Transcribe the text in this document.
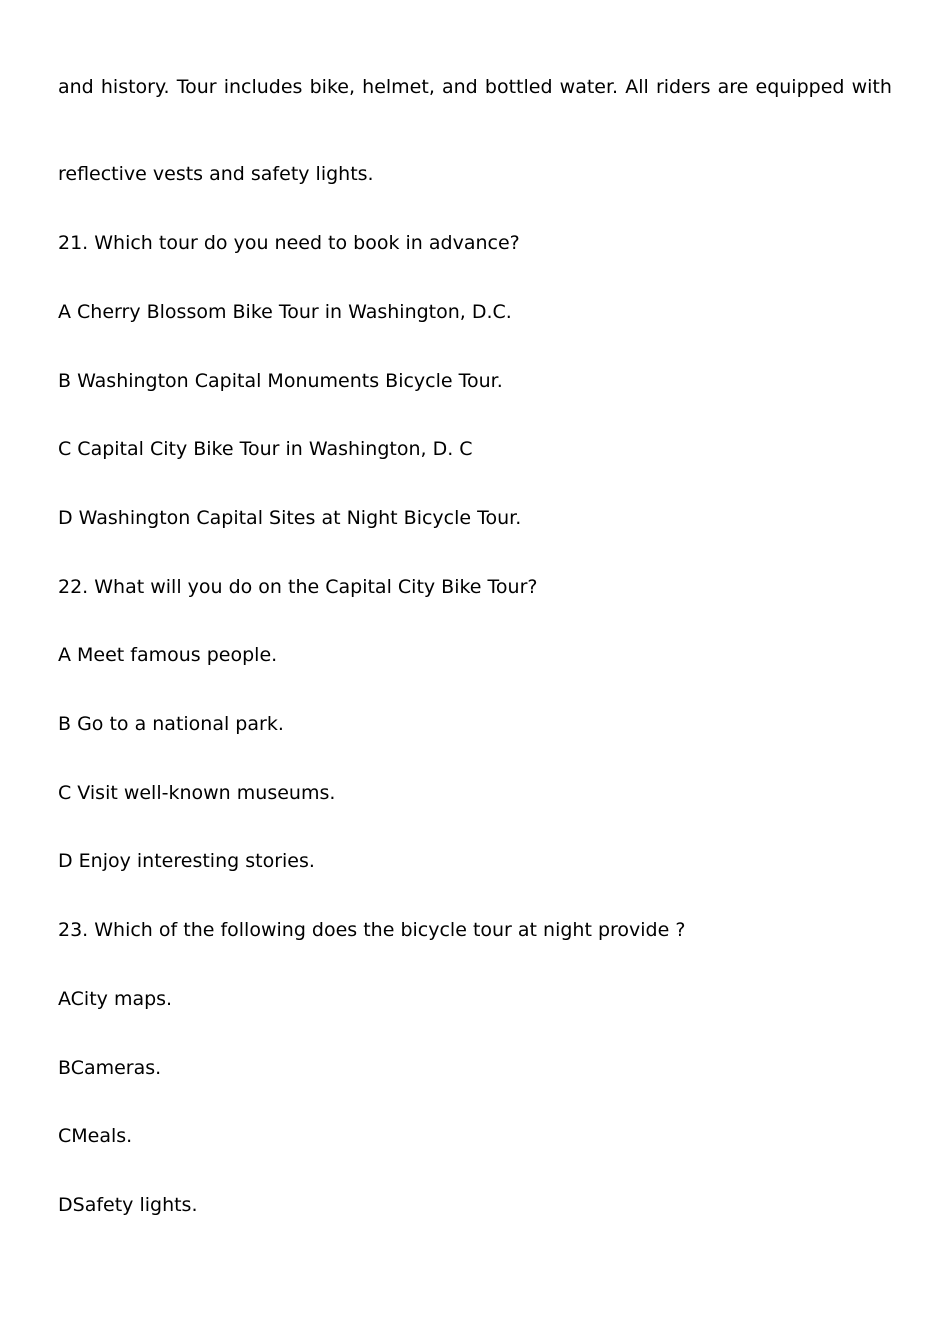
and history. Tour includes bike, helmet, and bottled water. All riders are equipped with
reflective vests and safety lights.
21. Which tour do you need to book in advance?
A Cherry Blossom Bike Tour in Washington, D.C.
B Washington Capital Monuments Bicycle Tour.
C Capital City Bike Tour in Washington, D. C
D Washington Capital Sites at Night Bicycle Tour.
22. What will you do on the Capital City Bike Tour?
A Meet famous people.
B Go to a national park.
C Visit well-known museums.
D Enjoy interesting stories.
23. Which of the following does the bicycle tour at night provide ?
ACity maps.
BCameras.
CMeals.
DSafety lights.
